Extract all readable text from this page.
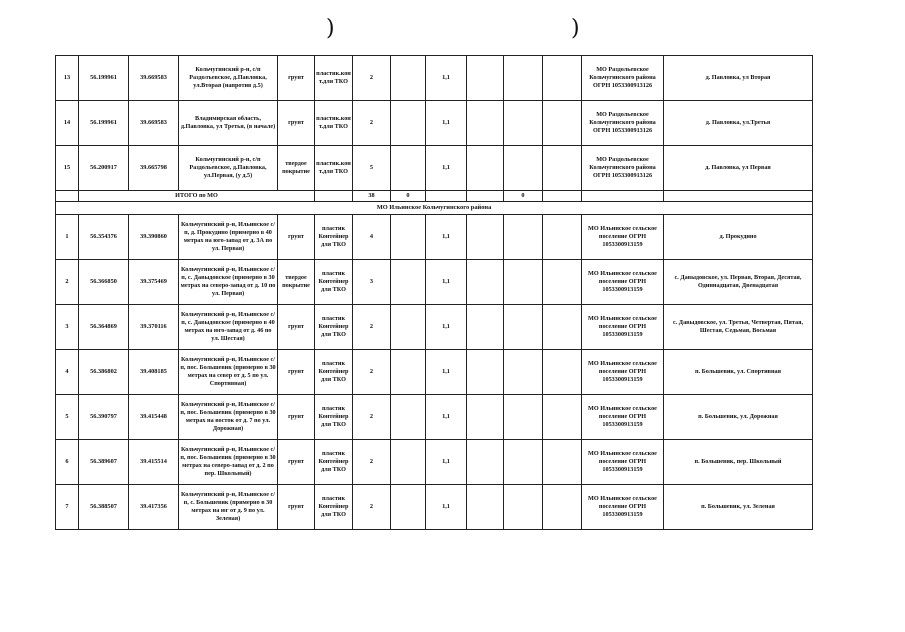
)	)
13	56.199961	39.669583	Кольчугинский р-н, с/п Раздолъевское, д.Павловка, ул.Вторая (напротив д.5)	грунт	пластик.кон т.для ТКО	2		1,1				МО Раздольевское Кольчугинского района ОГРН 1053300913126	д. Павловка, ул Вторая
14	56.199961	39.669583	Владимирская область, д.Павловка, ул Третья, (в начале)	грунт	пластик.кон т.для ТКО	2		1,1				МО Раздольевское Кольчугинского района ОГРН 1053300913126	д. Павловка, ул.Третья
15	56.200917	39.665798	Кольчугинский р-н, с/п Раздольевское, д.Павловка, ул.Первая, (у д.5)	твердое покрытие	пластик.кон т.для ТКО	5		1,1				МО Раздольевское Кольчугинского района ОГРН 1053300913126	д. Павловка, ул Первая
	ИТОГО по МО					38	0			0			
МО Ильинское Кольчугинского района													
1	56.354376	39.390860	Кольчугинский р-н, Ильинское с/п, д. Прокудино (примерно в 40 метрах на юго-запад от д. 3А по ул. Первая)	грунт	пластик Контейнер для ТКО	4		1,1				МО Ильинское сельское поселение ОГРН 1053300913159	д. Прокудино
2	56.366850	39.375469	Кольчугинский р-н, Ильинское с/п, с. Давыдовское (примерно в 30 метрах на северо-запад от д. 10 по ул. Первая)	твердое покрытие	пластик Контейнер для ТКО	3		1,1				МО Ильинское сельское поселение ОГРН 1053300913159	с. Давыдовское, ул. Первая, Вторая, Десятая, Одиннадцатая, Двенадцатая
3	56.364869	39.370116	Кольчугинский р-н, Ильинское с/п, с. Давыдовское (примерно в 40 метрах на юго-запад от д. 46 по ул. Шестая)	грунт	пластик Контейнер для ТКО	2		1,1				МО Ильинское сельское поселение ОГРН 1053300913159	с. Давыдовское, ул. Третья, Четвертая, Пятая, Шестая, Седьмая, Восьмая
4	56.386802	39.408185	Кольчугинский р-н, Ильинское с/п, пос. Большевик (примерно в 30 метрах на север от д. 5 по ул. Спортивная)	грунт	пластик Контейнер для ТКО	2		1,1				МО Ильинское сельское поселение ОГРН 1053300913159	п. Большевик, ул. Спортивная
5	56.390797	39.415448	Кольчугинский р-н, Ильинское с/п, пос. Большевик (примерно в 30 метрах на восток от д. 7 по ул. Дорожная)	грунт	пластик Контейнер для ТКО	2		1,1				МО Ильинское сельское поселение ОГРН 1053300913159	п. Большевик, ул. Дорожная
6	56.389607	39.415514	Кольчугинский р-н, Ильинское с/п, пос. Большевик (примерно в 30 метрах на северо-запад от д. 2 по пер. Школьный)	грунт	пластик Контейнер для ТКО	2		1,1				МО Ильинское сельское поселение ОГРН 1053300913159	п. Большевик, пер. Школьный
7	56.388507	39.417356	Кольчугинский р-н, Ильинское с/п, с. Большевик (примерно в 30 метрах на юг от д. 9 по ул. Зеленая)	грунт	пластик Контейнер для ТКО	2		1,1				МО Ильинское сельское поселение ОГРН 1053300913159	п. Большевик, ул. Зеленая
